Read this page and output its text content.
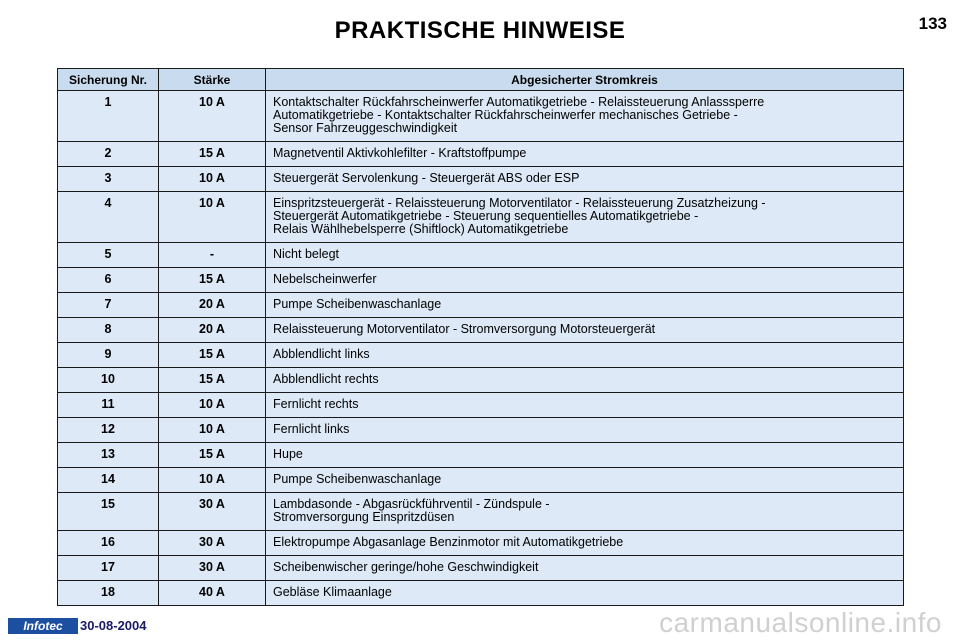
PRAKTISCHE HINWEISE	133
Sicherung Nr.	Stärke	Abgesicherter Stromkreis
1	10 A	Kontaktschalter Rückfahrscheinwerfer Automatikgetriebe - Relaissteuerung Anlasssperre
Automatikgetriebe - Kontaktschalter Rückfahrscheinwerfer mechanisches Getriebe -
Sensor Fahrzeuggeschwindigkeit

2	15 A	Magnetventil Aktivkohlefilter - Kraftstoffpumpe

3	10 A	Steuergerät Servolenkung - Steuergerät ABS oder ESP

4	10 A	Einspritzsteuergerät - Relaissteuerung Motorventilator - Relaissteuerung Zusatzheizung -
Steuergerät Automatikgetriebe - Steuerung sequentielles Automatikgetriebe -
Relais Wählhebelsperre (Shiftlock) Automatikgetriebe

5	-	Nicht belegt

6	15 A	Nebelscheinwerfer

7	20 A	Pumpe Scheibenwaschanlage

8	20 A	Relaissteuerung Motorventilator - Stromversorgung Motorsteuergerät

9	15 A	Abblendlicht links

10	15 A	Abblendlicht rechts

11	10 A	Fernlicht rechts

12	10 A	Fernlicht links

13	15 A	Hupe

14	10 A	Pumpe Scheibenwaschanlage

15	30 A	Lambdasonde - Abgasrückführventil - Zündspule -
Stromversorgung Einspritzdüsen

16	30 A	Elektropumpe Abgasanlage Benzinmotor mit Automatikgetriebe

17	30 A	Scheibenwischer geringe/hohe Geschwindigkeit

18	40 A	Gebläse Klimaanlage
Infotec	30-08-2004	carmanualsonline.info
